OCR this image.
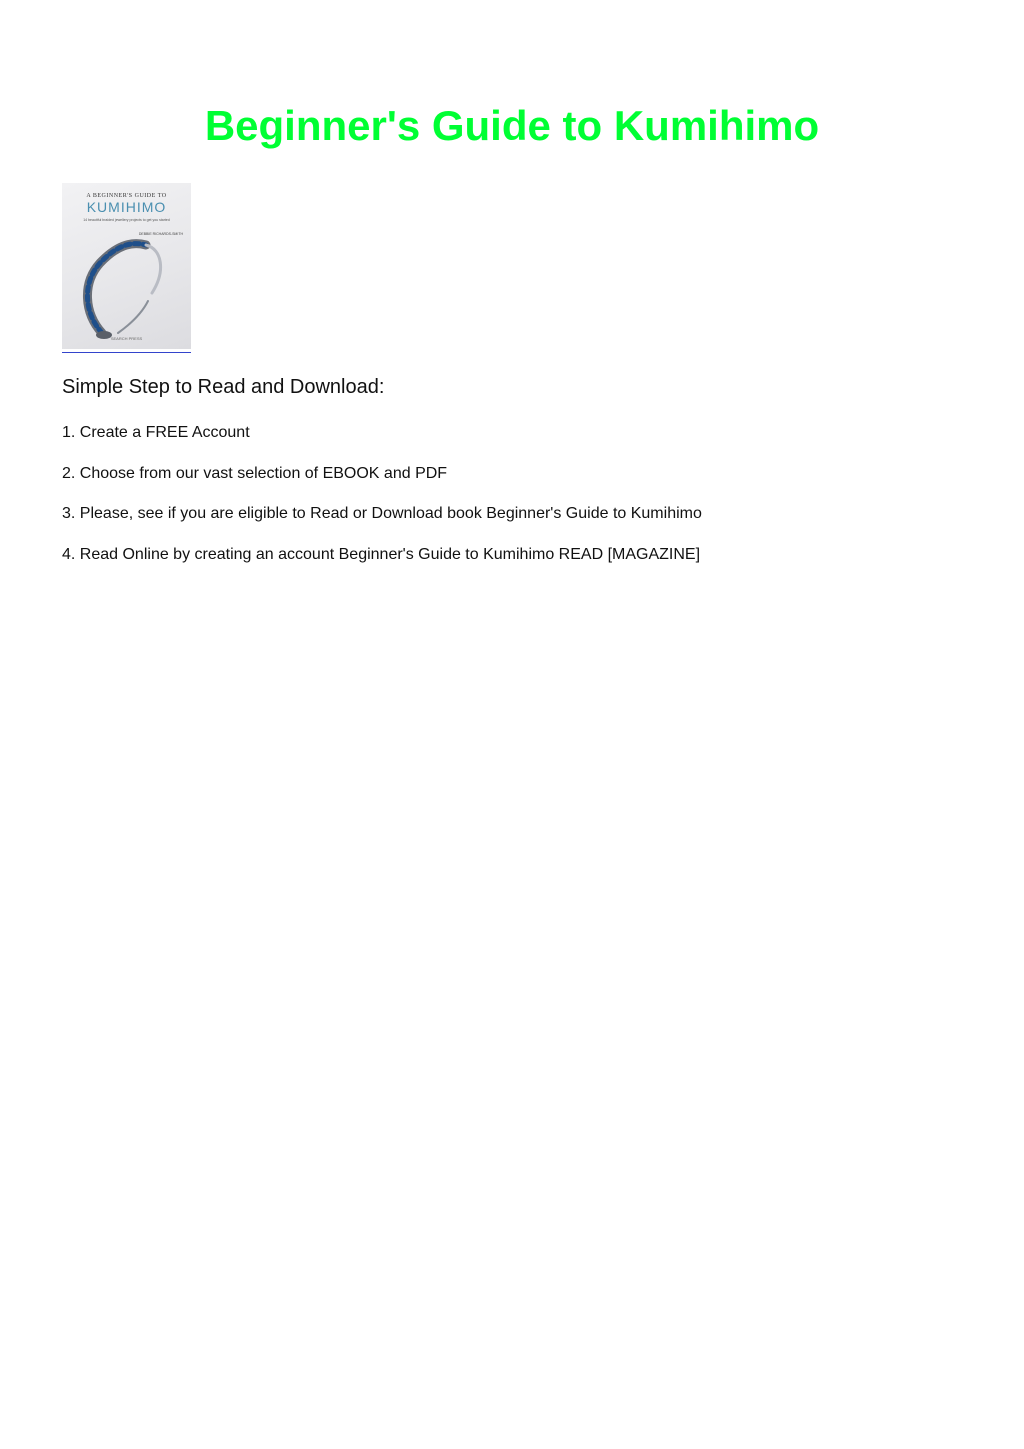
Beginner's Guide to Kumihimo
A BEGINNER'S GUIDE TO
KUMIHIMO
14 beautiful braided jewellery projects to get you started
DEBBIE RICHARDS-SMITH
SEARCH PRESS
Simple Step to Read and Download:
1. Create a FREE Account
2. Choose from our vast selection of EBOOK and PDF
3. Please, see if you are eligible to Read or Download book Beginner's Guide to Kumihimo
4. Read Online by creating an account Beginner's Guide to Kumihimo READ [MAGAZINE]
